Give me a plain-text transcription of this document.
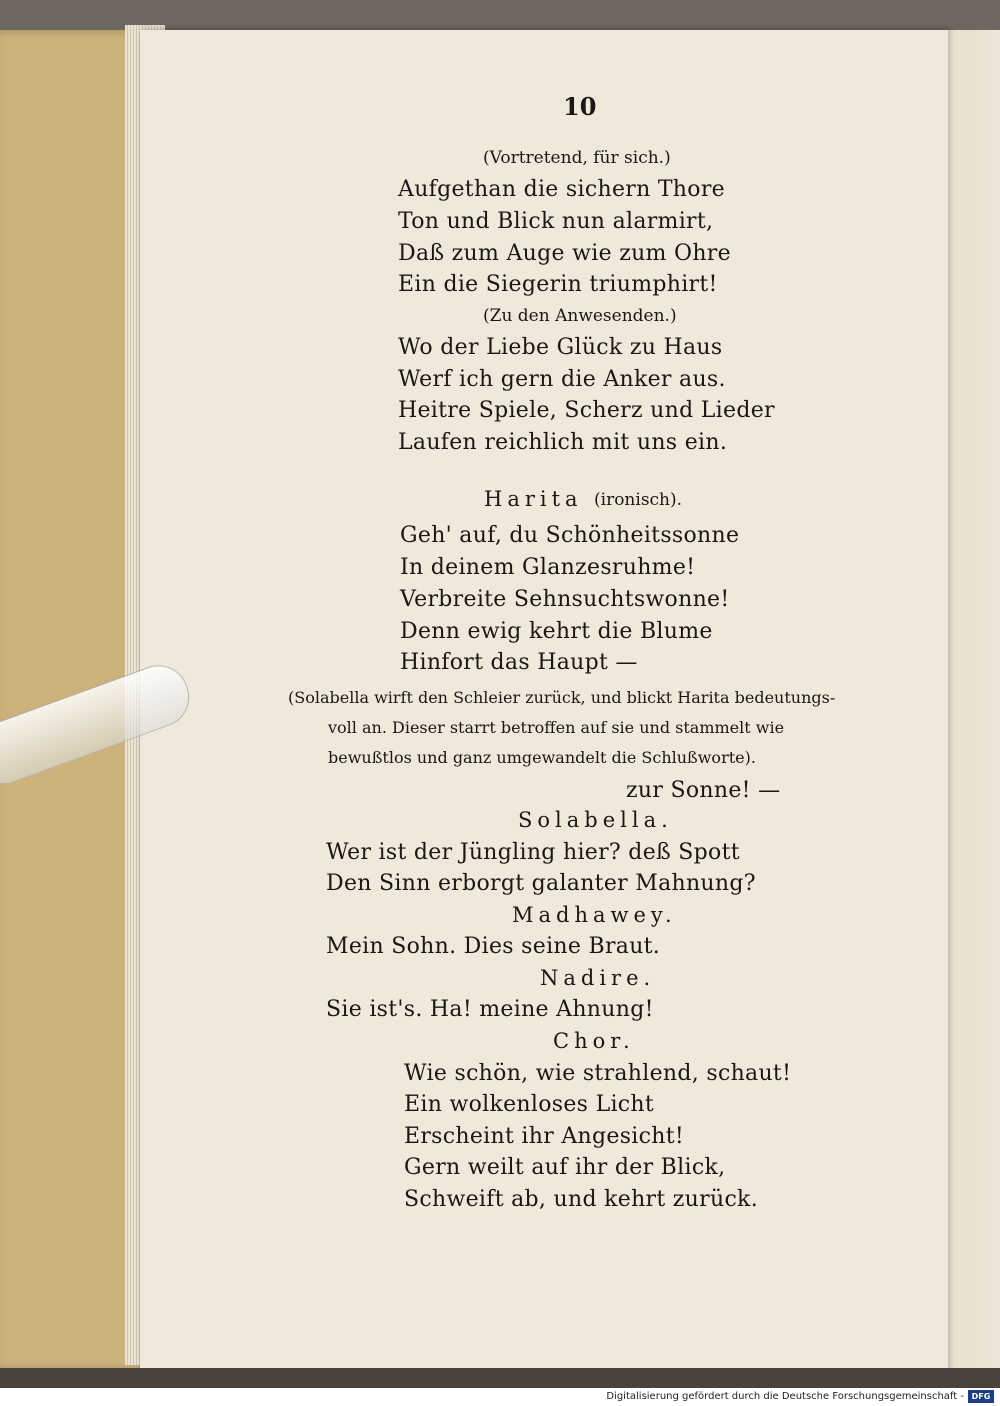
10
(Vortretend, für sich.)
Aufgethan die sichern Thore
Ton und Blick nun alarmirt,
Daß zum Auge wie zum Ohre
Ein die Siegerin triumphirt!
(Zu den Anwesenden.)
Wo der Liebe Glück zu Haus
Werf ich gern die Anker aus.
Heitre Spiele, Scherz und Lieder
Laufen reichlich mit uns ein.
Harita (ironisch).
Geh' auf, du Schönheitssonne
In deinem Glanzesruhme!
Verbreite Sehnsuchtswonne!
Denn ewig kehrt die Blume
Hinfort das Haupt —
(Solabella wirft den Schleier zurück, und blickt Harita bedeutungs-
voll an. Dieser starrt betroffen auf sie und stammelt wie
bewußtlos und ganz umgewandelt die Schlußworte).
zur Sonne! —
Solabella.
Wer ist der Jüngling hier? deß Spott
Den Sinn erborgt galanter Mahnung?
Madhawey.
Mein Sohn. Dies seine Braut.
Nadire.
Sie ist's. Ha! meine Ahnung!
Chor.
Wie schön, wie strahlend, schaut!
Ein wolkenloses Licht
Erscheint ihr Angesicht!
Gern weilt auf ihr der Blick,
Schweift ab, und kehrt zurück.
Digitalisierung gefördert durch die Deutsche Forschungsgemeinschaft - DFG
